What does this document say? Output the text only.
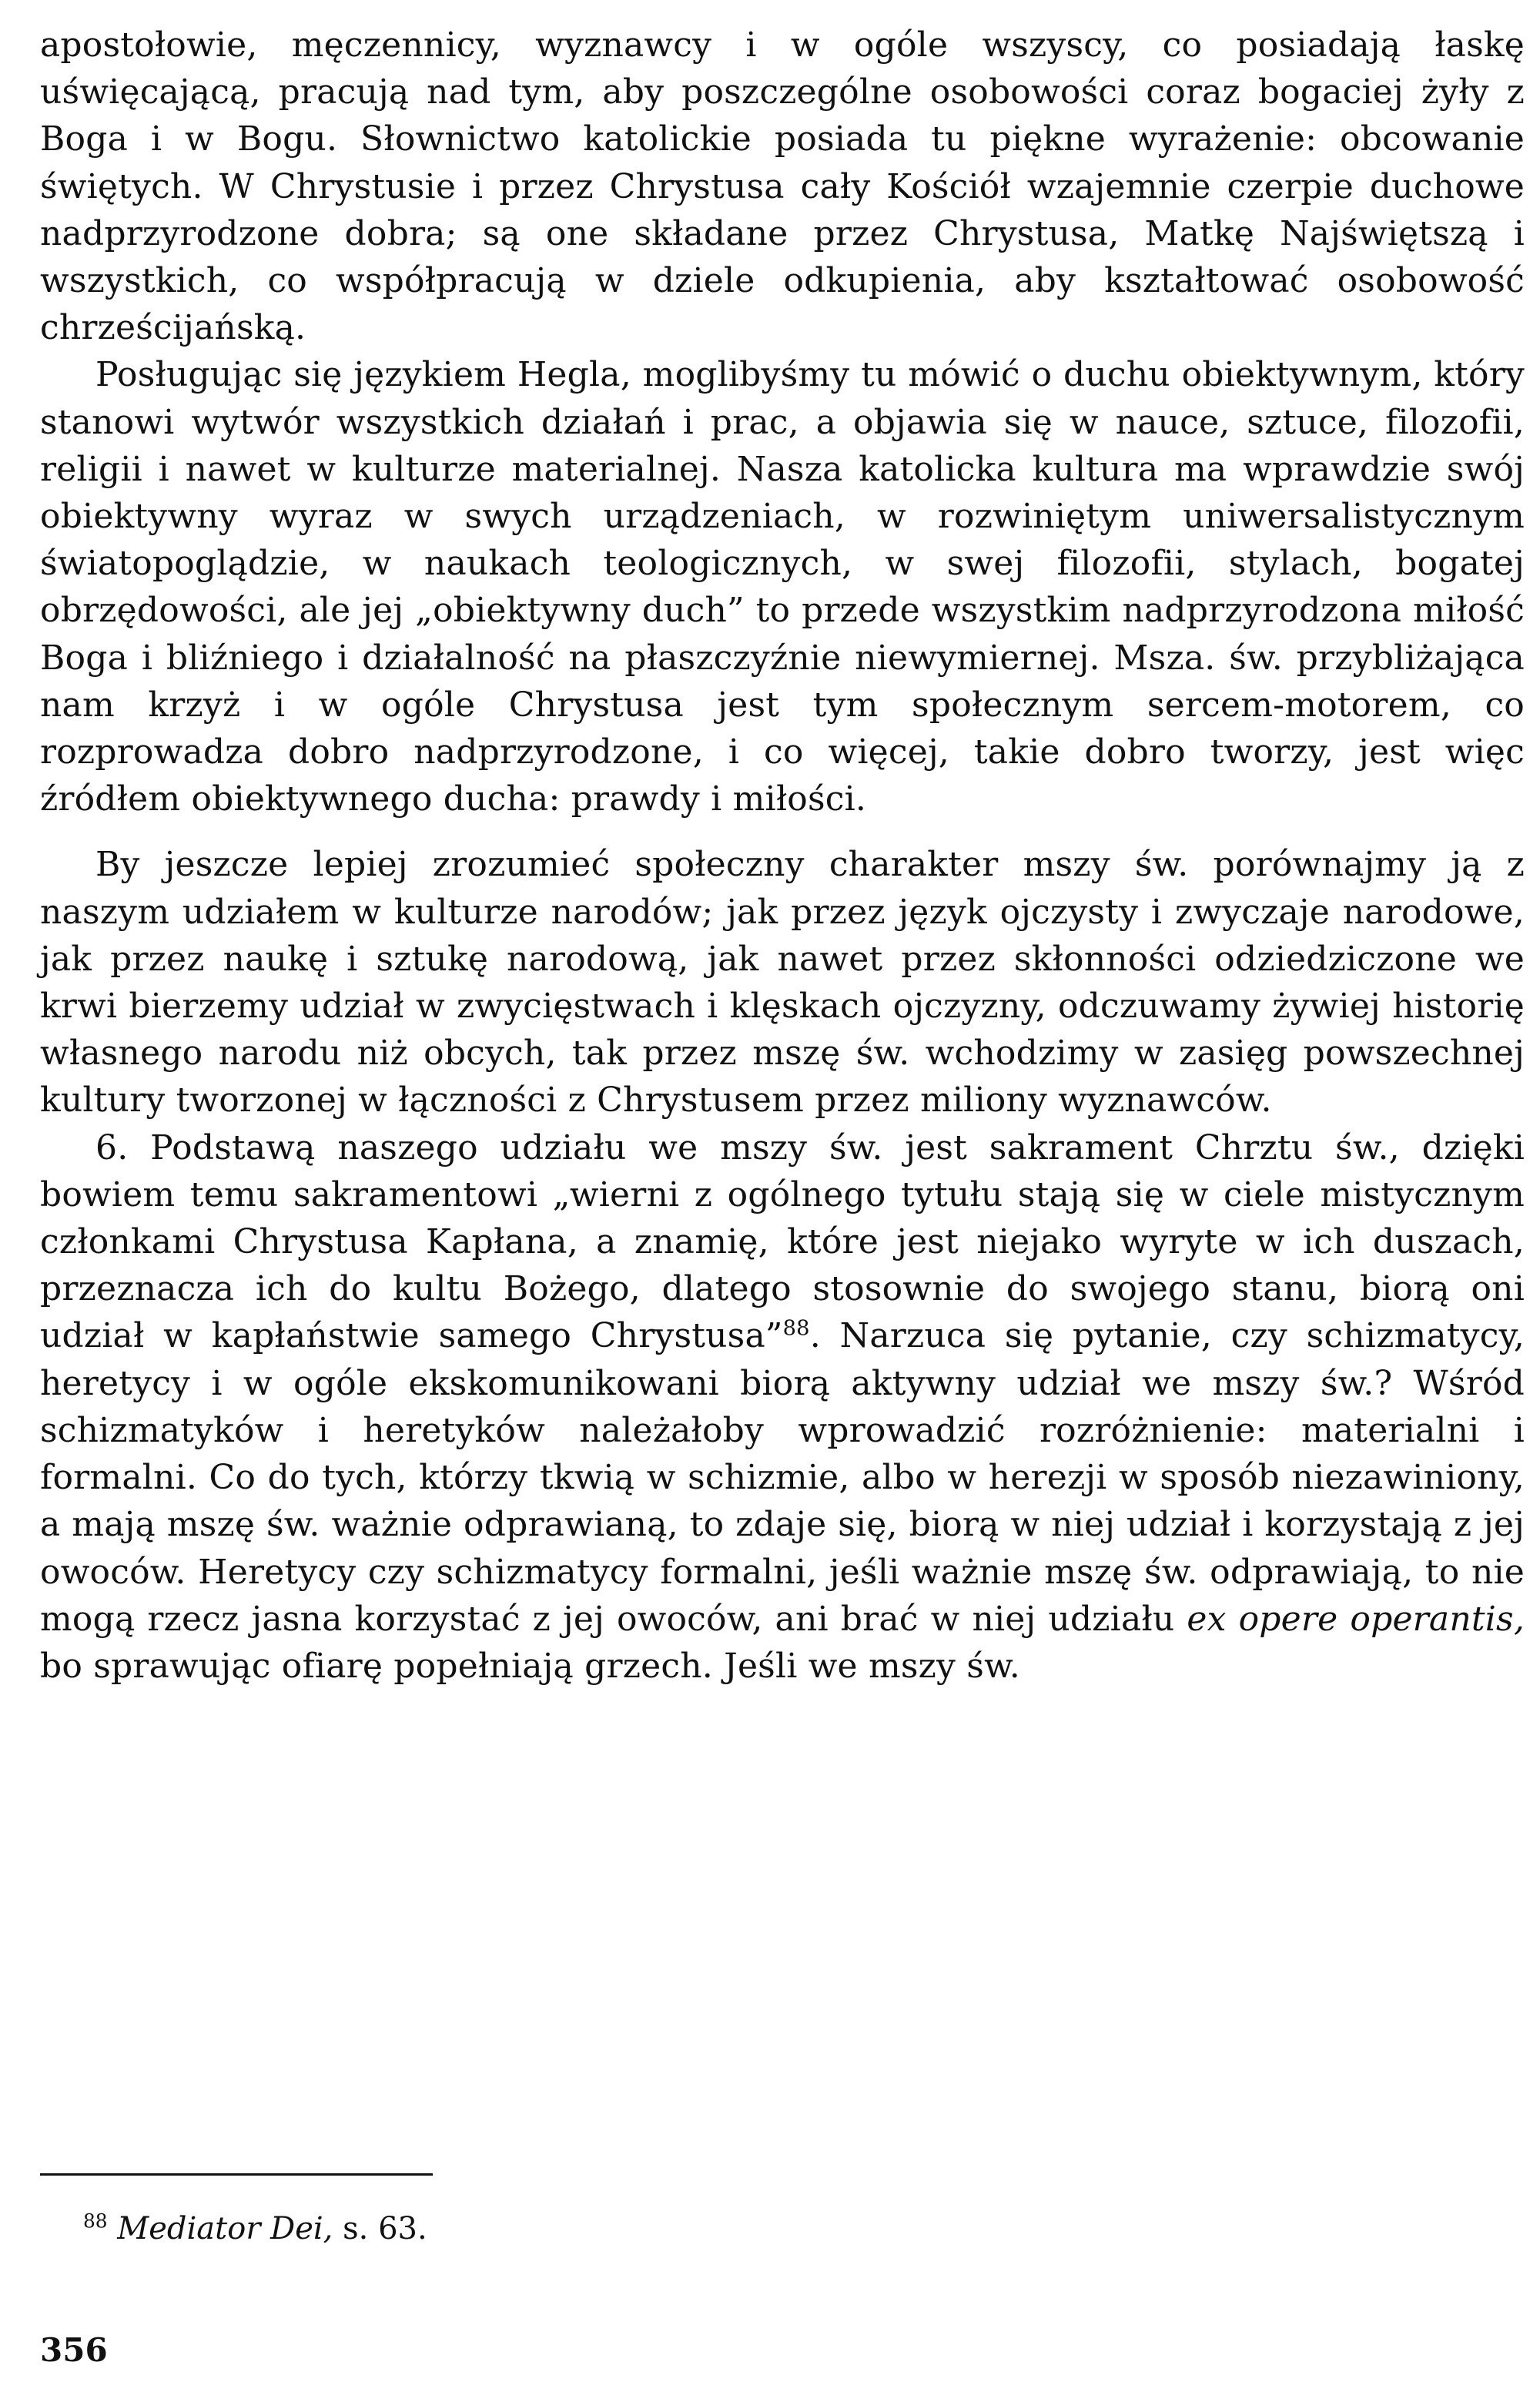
apostołowie, męczennicy, wyznawcy i w ogóle wszyscy, co posiadają łaskę uświęcającą, pracują nad tym, aby poszczególne osobowości coraz bogaciej żyły z Boga i w Bogu. Słownictwo katolickie posiada tu piękne wyrażenie: obcowanie świętych. W Chrystusie i przez Chrystusa cały Kościół wzajemnie czerpie duchowe nadprzyrodzone dobra; są one składane przez Chrystusa, Matkę Najświętszą i wszystkich, co współpracują w dziele odkupienia, aby kształtować osobowość chrześcijańską.

Posługując się językiem Hegla, moglibyśmy tu mówić o duchu obiektywnym, który stanowi wytwór wszystkich działań i prac, a objawia się w nauce, sztuce, filozofii, religii i nawet w kulturze materialnej. Nasza katolicka kultura ma wprawdzie swój obiektywny wyraz w swych urządzeniach, w rozwiniętym uniwersalistycznym światopoglądzie, w naukach teologicznych, w swej filozofii, stylach, bogatej obrzędowości, ale jej „obiektywny duch” to przede wszystkim nadprzyrodzona miłość Boga i bliźniego i działalność na płaszczyźnie niewymiernej. Msza. św. przybliżająca nam krzyż i w ogóle Chrystusa jest tym społecznym sercem-motorem, co rozprowadza dobro nadprzyrodzone, i co więcej, takie dobro tworzy, jest więc źródłem obiektywnego ducha: prawdy i miłości.

By jeszcze lepiej zrozumieć społeczny charakter mszy św. porównajmy ją z naszym udziałem w kulturze narodów; jak przez język ojczysty i zwyczaje narodowe, jak przez naukę i sztukę narodową, jak nawet przez skłonności odziedziczone we krwi bierzemy udział w zwycięstwach i klęskach ojczyzny, odczuwamy żywiej historię własnego narodu niż obcych, tak przez mszę św. wchodzimy w zasięg powszechnej kultury tworzonej w łączności z Chrystusem przez miliony wyznawców.

6. Podstawą naszego udziału we mszy św. jest sakrament Chrztu św., dzięki bowiem temu sakramentowi „wierni z ogólnego tytułu stają się w ciele mistycznym członkami Chrystusa Kapłana, a znamię, które jest niejako wyryte w ich duszach, przeznacza ich do kultu Bożego, dlatego stosownie do swojego stanu, biorą oni udział w kapłaństwie samego Chrystusa”$^{88}$. Narzuca się pytanie, czy schizmatycy, heretycy i w ogóle ekskomunikowani biorą aktywny udział we mszy św.? Wśród schizmatyków i heretyków należałoby wprowadzić rozróżnienie: materialni i formalni. Co do tych, którzy tkwią w schizmie, albo w herezji w sposób niezawiniony, a mają mszę św. ważnie odprawianą, to zdaje się, biorą w niej udział i korzystają z jej owoców. Heretycy czy schizmatycy formalni, jeśli ważnie mszę św. odprawiają, to nie mogą rzecz jasna korzystać z jej owoców, ani brać w niej udziału ex opere operantis, bo sprawując ofiarę popełniają grzech. Jeśli we mszy św.

$^{88}$ Mediator Dei, s. 63.
356
